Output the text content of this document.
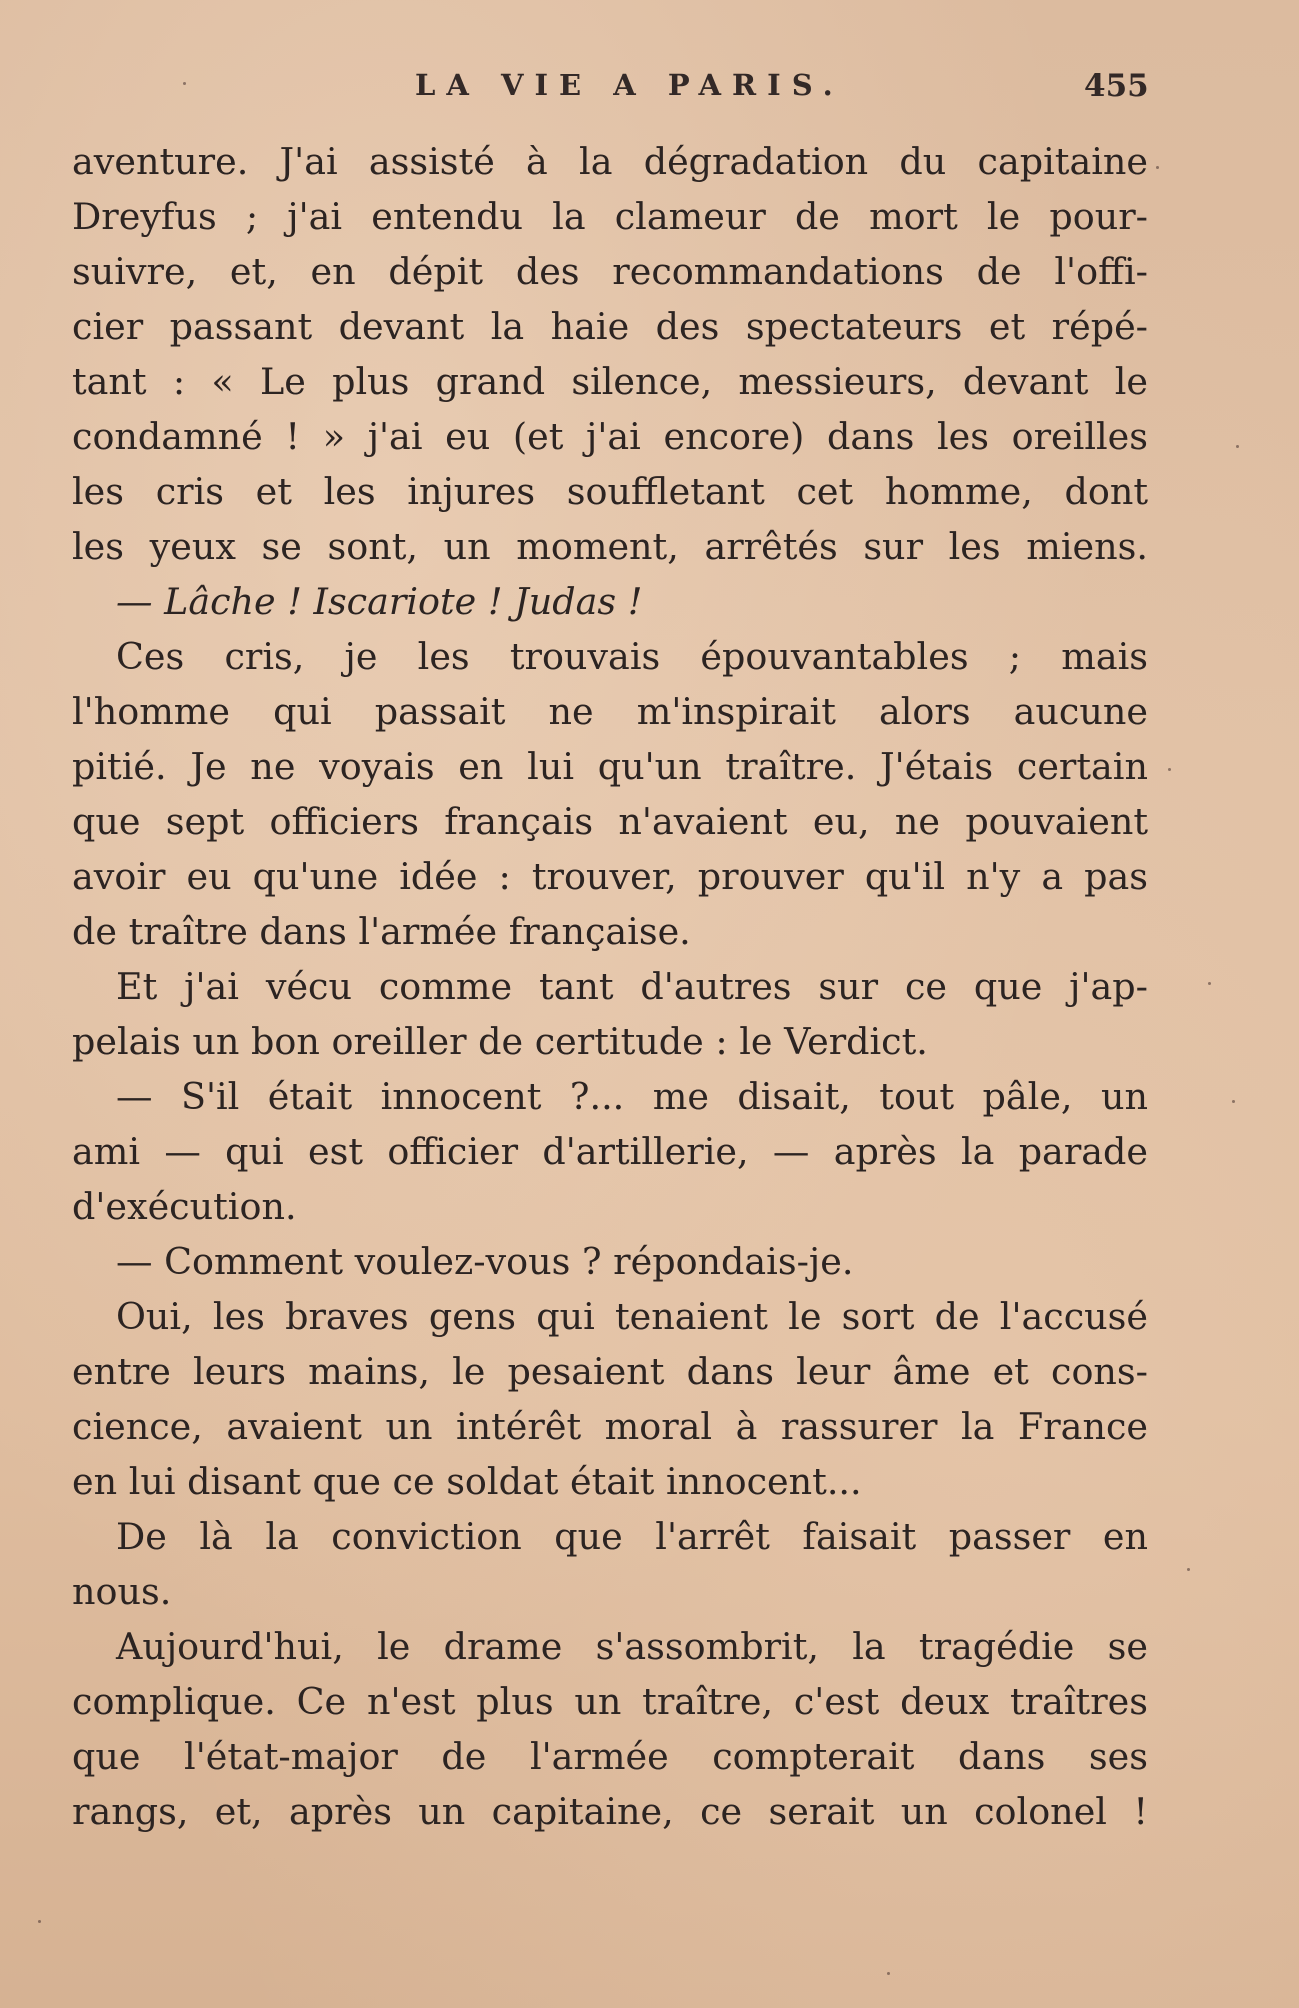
LA VIE A PARIS.	455
aventure. J'ai assisté à la dégradation du capitaine
Dreyfus ; j'ai entendu la clameur de mort le pour-
suivre, et, en dépit des recommandations de l'offi-
cier passant devant la haie des spectateurs et répé-
tant : « Le plus grand silence, messieurs, devant le
condamné ! » j'ai eu (et j'ai encore) dans les oreilles
les cris et les injures souffletant cet homme, dont
les yeux se sont, un moment, arrêtés sur les miens.
— Lâche ! Iscariote ! Judas !
Ces cris, je les trouvais épouvantables ; mais
l'homme qui passait ne m'inspirait alors aucune
pitié. Je ne voyais en lui qu'un traître. J'étais certain
que sept officiers français n'avaient eu, ne pouvaient
avoir eu qu'une idée : trouver, prouver qu'il n'y a pas
de traître dans l'armée française.
Et j'ai vécu comme tant d'autres sur ce que j'ap-
pelais un bon oreiller de certitude : le Verdict.
— S'il était innocent ?... me disait, tout pâle, un
ami — qui est officier d'artillerie, — après la parade
d'exécution.
— Comment voulez-vous ? répondais-je.
Oui, les braves gens qui tenaient le sort de l'accusé
entre leurs mains, le pesaient dans leur âme et cons-
cience, avaient un intérêt moral à rassurer la France
en lui disant que ce soldat était innocent...
De là la conviction que l'arrêt faisait passer en
nous.
Aujourd'hui, le drame s'assombrit, la tragédie se
complique. Ce n'est plus un traître, c'est deux traîtres
que l'état-major de l'armée compterait dans ses
rangs, et, après un capitaine, ce serait un colonel !
